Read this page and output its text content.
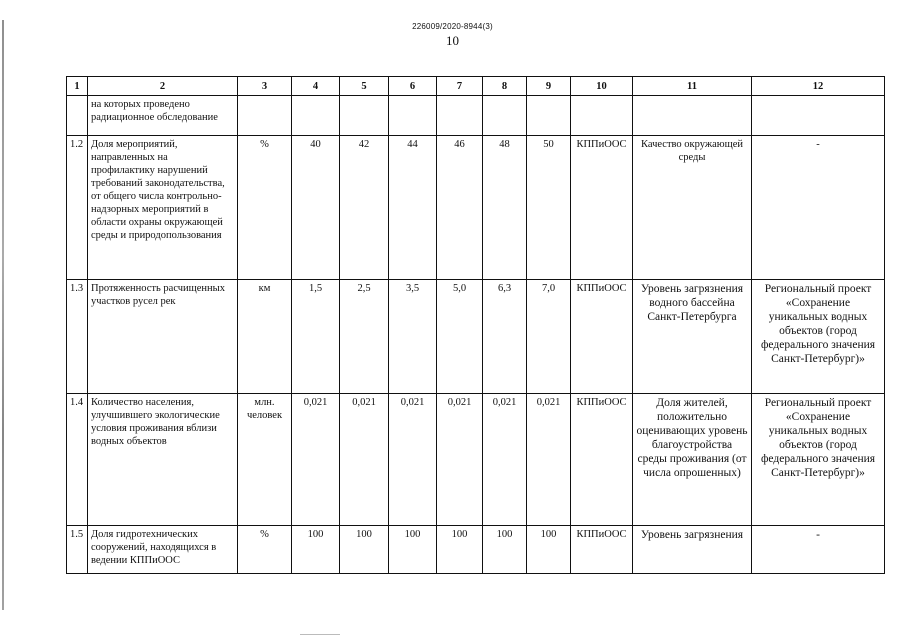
226009/2020-8944(3)
10
1	2	3	4	5	6	7	8	9	10	11	12
	на которых проведено радиационное обследование										
1.2	Доля мероприятий, направленных на профилактику нарушений требований законодательства, от общего числа контрольно-надзорных мероприятий в области охраны окружающей среды и природопользования	%	40	42	44	46	48	50	КППиООС	Качество окружающей среды	-
1.3	Протяженность расчищенных участков русел рек	км	1,5	2,5	3,5	5,0	6,3	7,0	КППиООС	Уровень загрязнения водного бассейна Санкт-Петербурга	Региональный проект «Сохранение уникальных водных объектов (город федерального значения Санкт-Петербург)»
1.4	Количество населения, улучшившего экологические условия проживания вблизи водных объектов	млн. человек	0,021	0,021	0,021	0,021	0,021	0,021	КППиООС	Доля жителей, положительно оценивающих уровень благоустройства среды проживания (от числа опрошенных)	Региональный проект «Сохранение уникальных водных объектов (город федерального значения Санкт-Петербург)»
1.5	Доля гидротехнических сооружений, находящихся в ведении КППиООС	%	100	100	100	100	100	100	КППиООС	Уровень загрязнения	-
